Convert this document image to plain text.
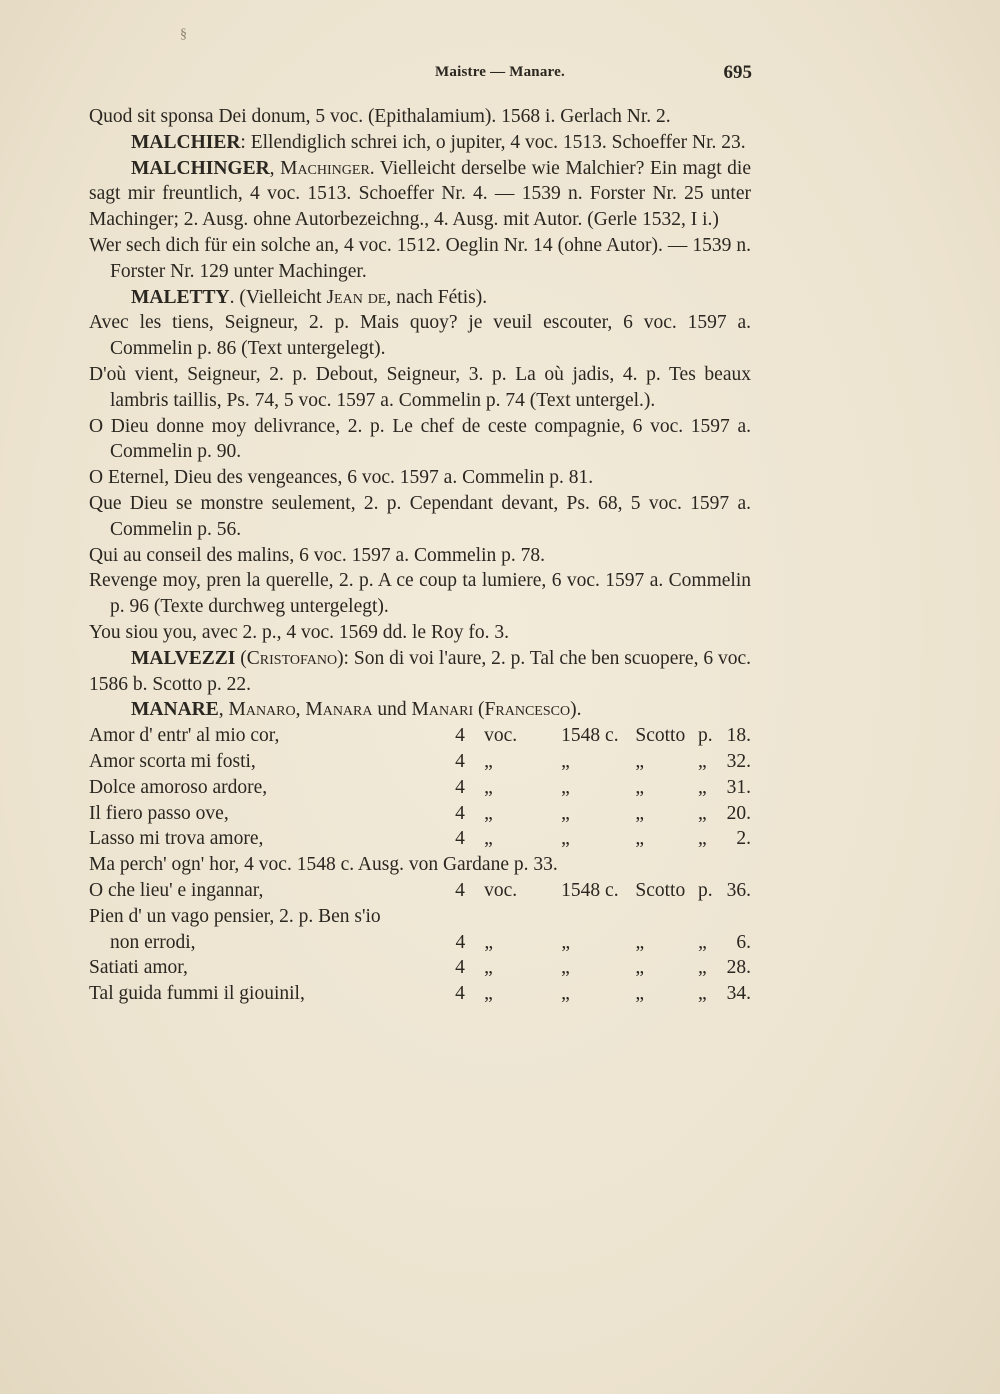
§
Maistre — Manare.	695

Quod sit sponsa Dei donum, 5 voc. (Epithalamium). 1568 i. Gerlach Nr. 2.

MALCHIER: Ellendiglich schrei ich, o jupiter, 4 voc. 1513. Schoeffer Nr. 23.

MALCHINGER, Machinger. Vielleicht derselbe wie Malchier? Ein magt die sagt mir freuntlich, 4 voc. 1513. Schoeffer Nr. 4. — 1539 n. Forster Nr. 25 unter Machinger; 2. Ausg. ohne Autorbezeichng., 4. Ausg. mit Autor. (Gerle 1532, I i.)

Wer sech dich für ein solche an, 4 voc. 1512. Oeglin Nr. 14 (ohne Autor). — 1539 n. Forster Nr. 129 unter Machinger.

MALETTY. (Vielleicht Jean de, nach Fétis).

Avec les tiens, Seigneur, 2. p. Mais quoy? je veuil escouter, 6 voc. 1597 a. Commelin p. 86 (Text untergelegt).

D'où vient, Seigneur, 2. p. Debout, Seigneur, 3. p. La où jadis, 4. p. Tes beaux lambris taillis, Ps. 74, 5 voc. 1597 a. Commelin p. 74 (Text untergel.).

O Dieu donne moy delivrance, 2. p. Le chef de ceste compagnie, 6 voc. 1597 a. Commelin p. 90.

O Eternel, Dieu des vengeances, 6 voc. 1597 a. Commelin p. 81.

Que Dieu se monstre seulement, 2. p. Cependant devant, Ps. 68, 5 voc. 1597 a. Commelin p. 56.

Qui au conseil des malins, 6 voc. 1597 a. Commelin p. 78.

Revenge moy, pren la querelle, 2. p. A ce coup ta lumiere, 6 voc. 1597 a. Commelin p. 96 (Texte durchweg untergelegt).

You siou you, avec 2. p., 4 voc. 1569 dd. le Roy fo. 3.

MALVEZZI (Cristofano): Son di voi l'aure, 2. p. Tal che ben scuopere, 6 voc. 1586 b. Scotto p. 22.

MANARE, Manaro, Manara und Manari (Francesco).

Amor d' entr' al mio cor,	4 voc.	1548 c. Scotto p. 18.
Amor scorta mi fosti,	4 „	„	„	„	32.
Dolce amoroso ardore,	4 „	„	„	„	31.
Il fiero passo ove,	4 „	„	„	„	20.
Lasso mi trova amore,	4 „	„	„	„	2.
Ma perch' ogn' hor, 4 voc. 1548 c. Ausg. von Gardane p. 33.
O che lieu' e ingannar,	4 voc.	1548 c. Scotto p. 36.
Pien d' un vago pensier, 2. p. Ben s'io
non errodi,	4 „	„	„	„	6.
Satiati amor,	4 „	„	„	„	28.
Tal guida fummi il giouinil,	4 „	„	„	„	34.
